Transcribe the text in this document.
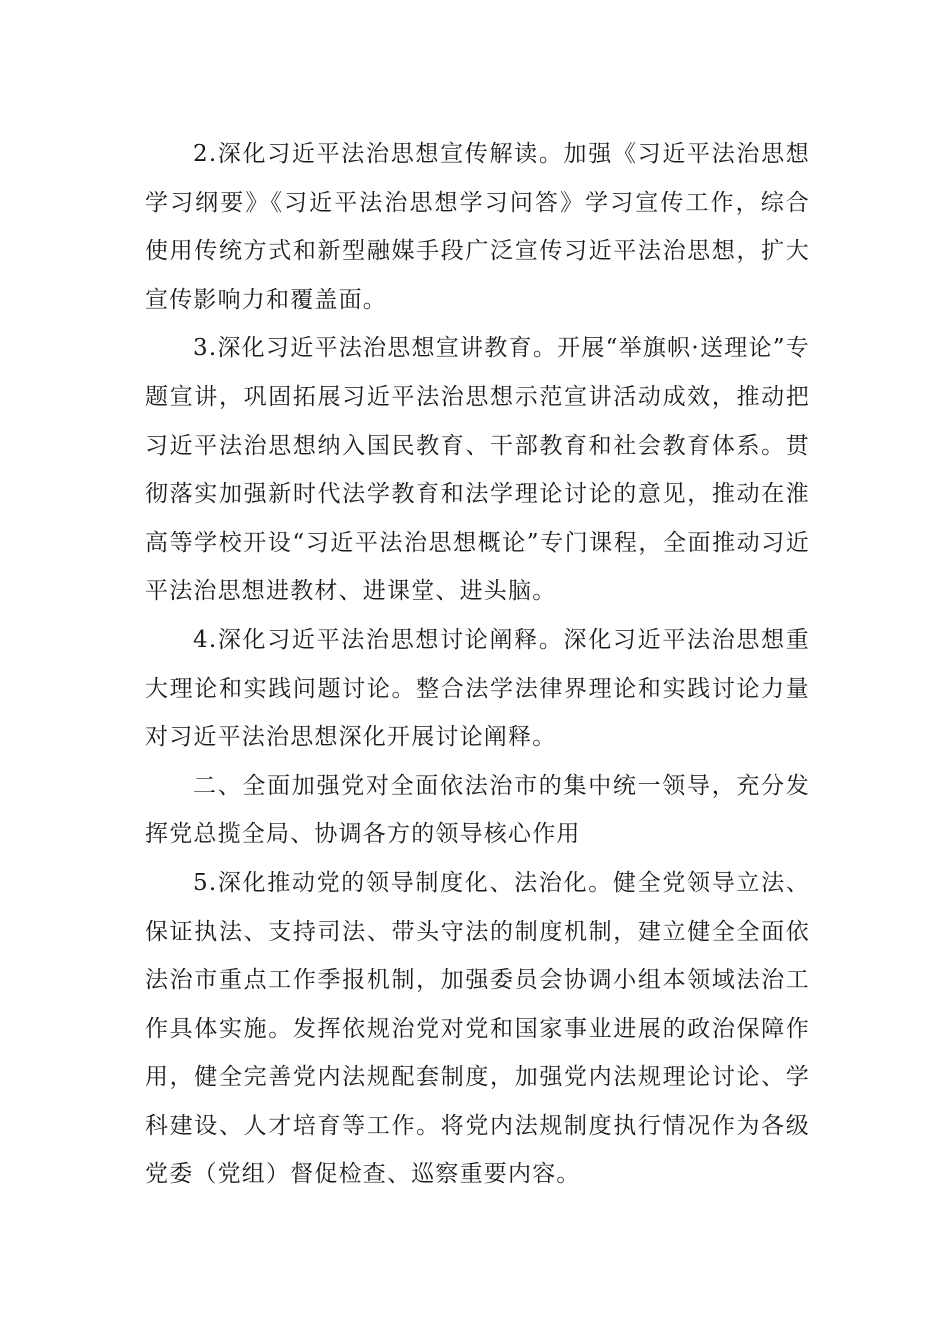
2.深化习近平法治思想宣传解读。加强《习近平法治思想学习纲要》《习近平法治思想学习问答》学习宣传工作，综合使用传统方式和新型融媒手段广泛宣传习近平法治思想，扩大宣传影响力和覆盖面。

3.深化习近平法治思想宣讲教育。开展“举旗帜·送理论”专题宣讲，巩固拓展习近平法治思想示范宣讲活动成效，推动把习近平法治思想纳入国民教育、干部教育和社会教育体系。贯彻落实加强新时代法学教育和法学理论讨论的意见，推动在淮高等学校开设“习近平法治思想概论”专门课程，全面推动习近平法治思想进教材、进课堂、进头脑。

4.深化习近平法治思想讨论阐释。深化习近平法治思想重大理论和实践问题讨论。整合法学法律界理论和实践讨论力量对习近平法治思想深化开展讨论阐释。

二、全面加强党对全面依法治市的集中统一领导，充分发挥党总揽全局、协调各方的领导核心作用

5.深化推动党的领导制度化、法治化。健全党领导立法、保证执法、支持司法、带头守法的制度机制，建立健全全面依法治市重点工作季报机制，加强委员会协调小组本领域法治工作具体实施。发挥依规治党对党和国家事业进展的政治保障作用，健全完善党内法规配套制度，加强党内法规理论讨论、学科建设、人才培育等工作。将党内法规制度执行情况作为各级党委（党组）督促检查、巡察重要内容。
